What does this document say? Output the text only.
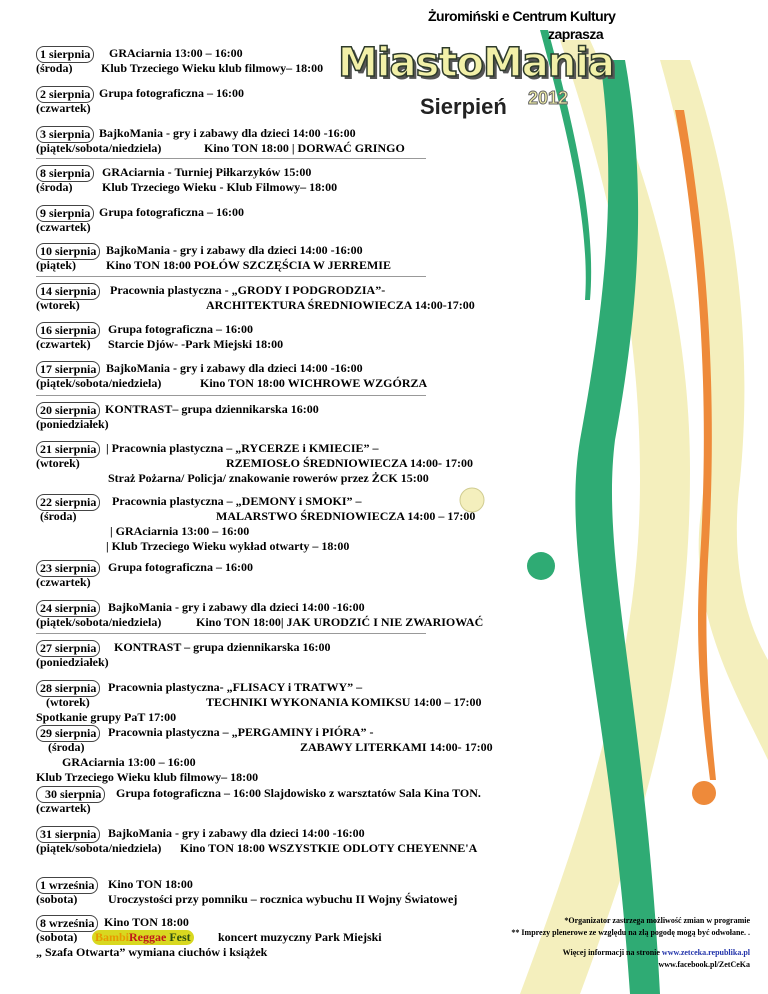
Żuromiński e Centrum Kultury
zaprasza
MiastoMania
Sierpień 2012
1 sierpnia GRAciarnia 13:00 – 16:00
(środa) Klub Trzeciego Wieku klub filmowy– 18:00
2 sierpnia Grupa fotograficzna – 16:00
(czwartek)
3 sierpnia BajkoMania - gry i zabawy dla dzieci 14:00 -16:00
(piątek/sobota/niedziela)	Kino TON 18:00 | DORWAĆ GRINGO
8 sierpnia GRAciarnia - Turniej Piłkarzyków 15:00
(środa) Klub Trzeciego Wieku - Klub Filmowy– 18:00
9 sierpnia Grupa fotograficzna – 16:00
(czwartek)
10 sierpnia BajkoMania - gry i zabawy dla dzieci 14:00 -16:00
(piątek)	Kino TON 18:00 POŁÓW SZCZĘŚCIA W JERREMIE
14 sierpnia Pracownia plastyczna - „GRODY I PODGRODZIA”-
(wtorek)	ARCHITEKTURA ŚREDNIOWIECZA 14:00-17:00
16 sierpnia Grupa fotograficzna – 16:00
(czwartek) Starcie Djów- -Park Miejski 18:00
17 sierpnia BajkoMania - gry i zabawy dla dzieci 14:00 -16:00
(piątek/sobota/niedziela)	Kino TON 18:00 WICHROWE WZGÓRZA
20 sierpnia KONTRAST– grupa dziennikarska 16:00
(poniedziałek)
21 sierpnia | Pracownia plastyczna – „RYCERZE i KMIECIE” –
(wtorek)	RZEMIOSŁO ŚREDNIOWIECZA 14:00- 17:00
Straż Pożarna/ Policja/ znakowanie rowerów przez ŻCK 15:00
22 sierpnia Pracownia plastyczna – „DEMONY i SMOKI” –
(środa)	MALARSTWO ŚREDNIOWIECZA 14:00 – 17:00
| GRAciarnia 13:00 – 16:00
| Klub Trzeciego Wieku wykład otwarty – 18:00
23 sierpnia Grupa fotograficzna – 16:00
(czwartek)
24 sierpnia BajkoMania - gry i zabawy dla dzieci 14:00 -16:00
(piątek/sobota/niedziela)	Kino TON 18:00| JAK URODZIĆ I NIE ZWARIOWAĆ
27 sierpnia KONTRAST – grupa dziennikarska 16:00
(poniedziałek)
28 sierpnia Pracownia plastyczna- „FLISACY i TRATWY” –
(wtorek)	TECHNIKI WYKONANIA KOMIKSU 14:00 – 17:00
Spotkanie grupy PaT 17:00
29 sierpnia Pracownia plastyczna – „PERGAMINY i PIÓRA” -
(środa)	ZABAWY LITERKAMI 14:00- 17:00
GRAciarnia 13:00 – 16:00
Klub Trzeciego Wieku klub filmowy– 18:00
30 sierpnia Grupa fotograficzna – 16:00 Slajdowisko z warsztatów Sala Kina TON.
(czwartek)
31 sierpnia BajkoMania - gry i zabawy dla dzieci 14:00 -16:00
(piątek/sobota/niedziela) Kino TON 18:00 WSZYSTKIE ODLOTY CHEYENNE'A
1 września Kino TON 18:00
(sobota)	Uroczystości przy pomniku – rocznica wybuchu II Wojny Światowej
8 września Kino TON 18:00
(sobota) BambiReggae Fest koncert muzyczny Park Miejski
„ Szafa Otwarta” wymiana ciuchów i książek
*Organizator zastrzega możliwość zmian w programie
** Imprezy plenerowe ze względu na złą pogodę mogą być odwołane. .
Więcej informacji na stronie www.zetceka.republika.pl
www.facebook.pl/ZetCeKa
